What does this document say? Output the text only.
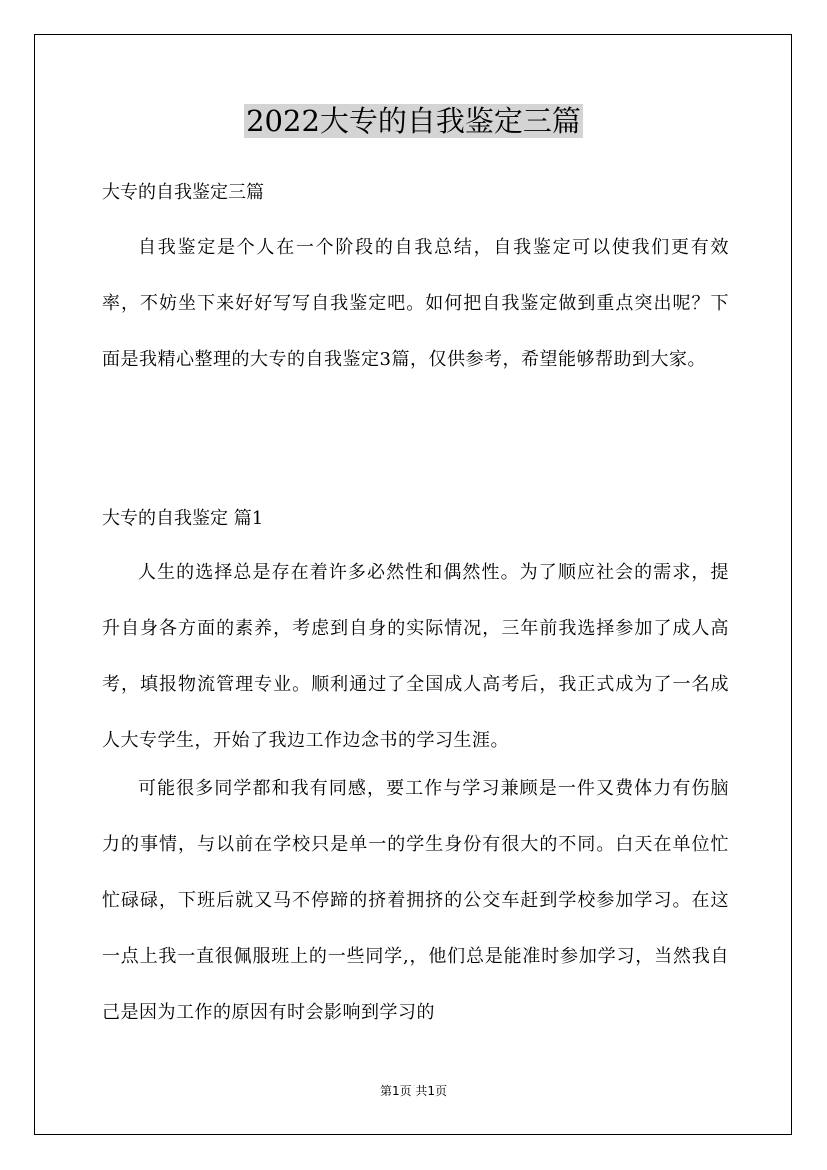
2022大专的自我鉴定三篇
大专的自我鉴定三篇
自我鉴定是个人在一个阶段的自我总结，自我鉴定可以使我们更有效率，不妨坐下来好好写写自我鉴定吧。如何把自我鉴定做到重点突出呢？下面是我精心整理的大专的自我鉴定3篇，仅供参考，希望能够帮助到大家。
大专的自我鉴定 篇1
人生的选择总是存在着许多必然性和偶然性。为了顺应社会的需求，提升自身各方面的素养，考虑到自身的实际情况，三年前我选择参加了成人高考，填报物流管理专业。顺利通过了全国成人高考后，我正式成为了一名成人大专学生，开始了我边工作边念书的学习生涯。
可能很多同学都和我有同感，要工作与学习兼顾是一件又费体力有伤脑力的事情，与以前在学校只是单一的学生身份有很大的不同。白天在单位忙忙碌碌，下班后就又马不停蹄的挤着拥挤的公交车赶到学校参加学习。在这一点上我一直很佩服班上的一些同学,，他们总是能准时参加学习，当然我自己是因为工作的原因有时会影响到学习的
第1页 共1页
